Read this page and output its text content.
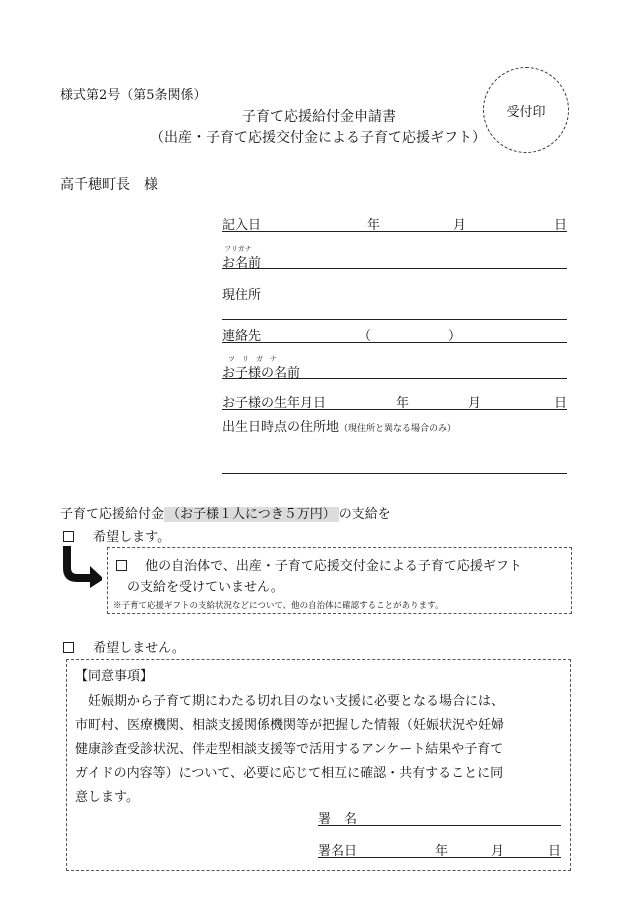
様式第2号（第5条関係）
子育て応援給付金申請書
（出産・子育て応援交付金による子育て応援ギフト）
受付印
高千穂町長　様
記入日	年	月	日
フリガナ
お名前
現住所
連絡先	（	）
ツ　リ　ガ　ナ
お子様の名前
お子様の生年月日	年	月	日
出生日時点の住所地（現住所と異なる場合のみ）
子育て応援給付金 （お子様１人につき５万円） の支給を
希望します。
他の自治体で、出産・子育て応援交付金による子育て応援ギフト
の支給を受けていません。
※子育て応援ギフトの支給状況などについて、他の自治体に確認することがあります。
希望しません。
【同意事項】
妊娠期から子育て期にわたる切れ目のない支援に必要となる場合には、
市町村、医療機関、相談支援関係機関等が把握した情報（妊娠状況や妊婦
健康診査受診状況、伴走型相談支援等で活用するアンケート結果や子育て
ガイドの内容等）について、必要に応じて相互に確認・共有することに同
意します。
署　名
署名日	年	月	日
